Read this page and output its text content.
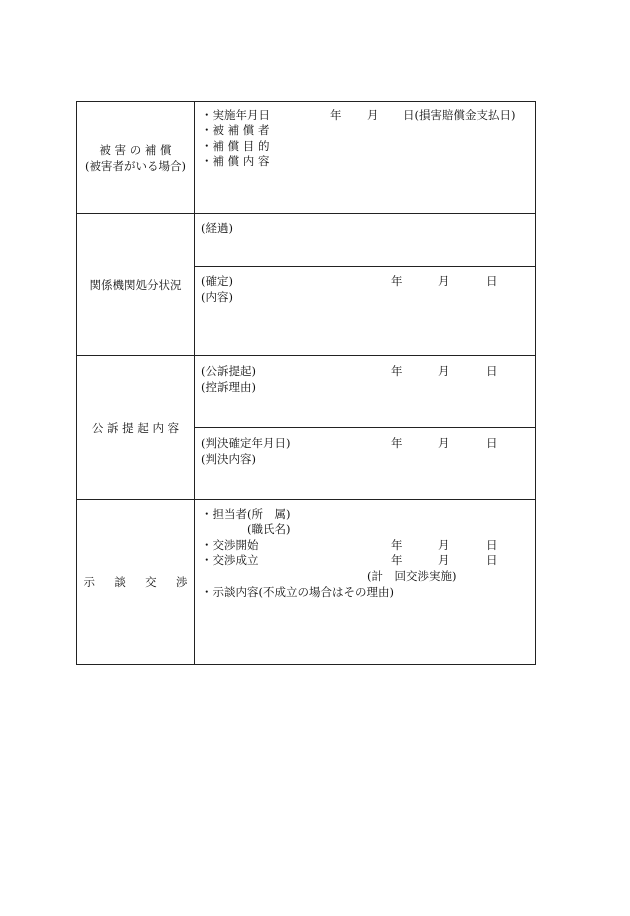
被 害 の 補 償
(被害者がいる場合)
・実施年月日	年 月 日(損害賠償金支払日)
・被 補 償 者
・補 償 目 的
・補 償 内 容
関係機関処分状況
(経過)
(確定)	年	月	日
(内容)
公 訴 提 起 内 容
(公訴提起)	年	月	日
(控訴理由)
(判決確定年月日)	年	月	日
(判決内容)
示 談 交 渉
・担当者(所　属)
(職氏名)
・交渉開始	年	月	日
・交渉成立	年	月	日
(計　回交渉実施)
・示談内容(不成立の場合はその理由)
